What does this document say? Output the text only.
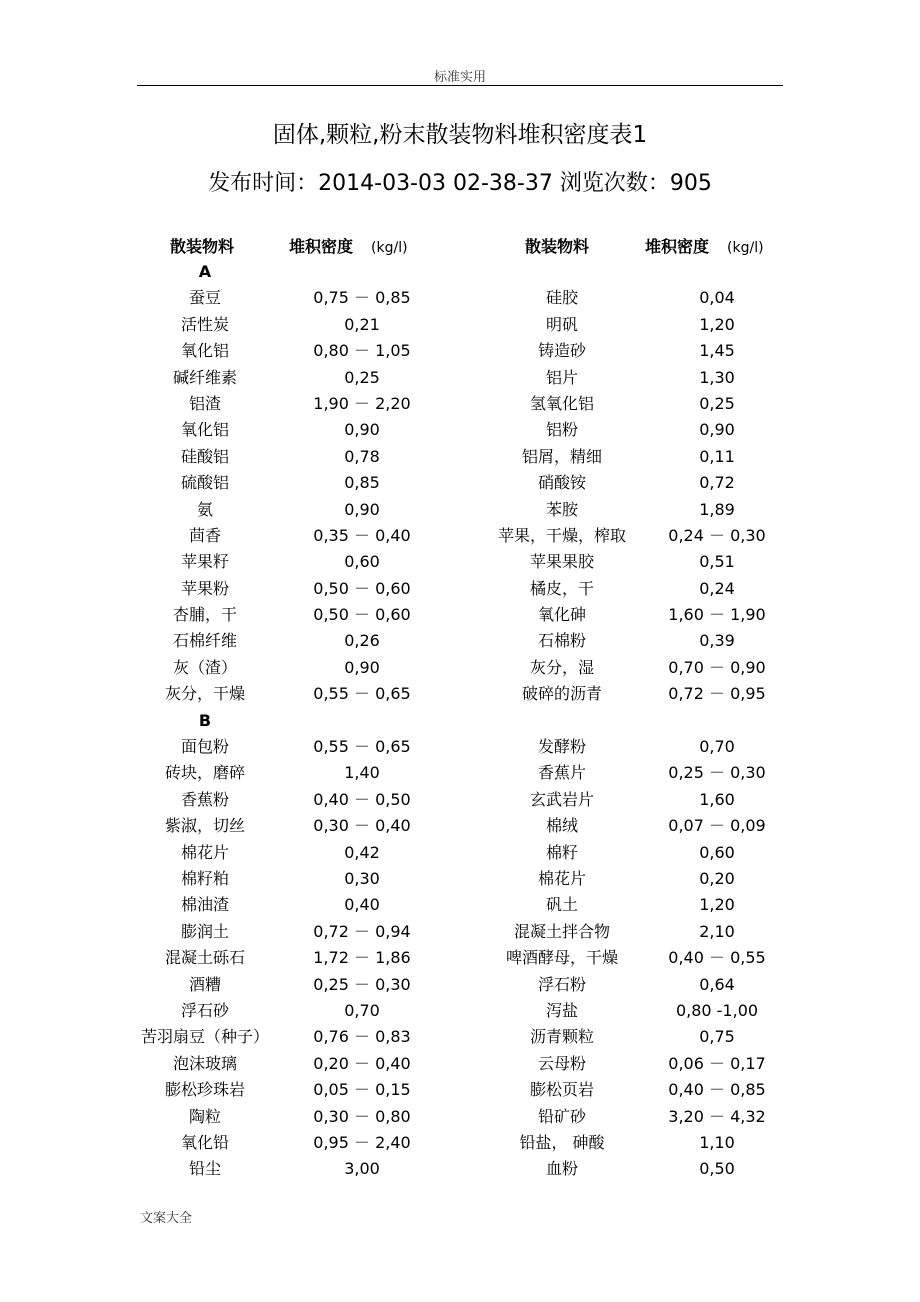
标准实用
固体,颗粒,粉末散装物料堆积密度表1
发布时间：2014-03-03 02-38-37 浏览次数：905
散装物料	堆积密度 (kg/l)	散装物料	堆积密度 (kg/l)
A
蚕豆	0,75 － 0,85	硅胶	0,04
活性炭	0,21	明矾	1,20
氧化铝	0,80 － 1,05	铸造砂	1,45
碱纤维素	0,25	铝片	1,30
铝渣	1,90 － 2,20	氢氧化铝	0,25
氧化铝	0,90	铝粉	0,90
硅酸铝	0,78	铝屑，精细	0,11
硫酸铝	0,85	硝酸铵	0,72
氨	0,90	苯胺	1,89
茴香	0,35 － 0,40	苹果，干燥，榨取	0,24 － 0,30
苹果籽	0,60	苹果果胶	0,51
苹果粉	0,50 － 0,60	橘皮，干	0,24
杏脯，干	0,50 － 0,60	氧化砷	1,60 － 1,90
石棉纤维	0,26	石棉粉	0,39
灰（渣）	0,90	灰分，湿	0,70 － 0,90
灰分，干燥	0,55 － 0,65	破碎的沥青	0,72 － 0,95
B
面包粉	0,55 － 0,65	发酵粉	0,70
砖块，磨碎	1,40	香蕉片	0,25 － 0,30
香蕉粉	0,40 － 0,50	玄武岩片	1,60
紫淑，切丝	0,30 － 0,40	棉绒	0,07 － 0,09
棉花片	0,42	棉籽	0,60
棉籽粕	0,30	棉花片	0,20
棉油渣	0,40	矾土	1,20
膨润土	0,72 － 0,94	混凝土拌合物	2,10
混凝土砾石	1,72 － 1,86	啤酒酵母，干燥	0,40 － 0,55
酒糟	0,25 － 0,30	浮石粉	0,64
浮石砂	0,70	泻盐	0,80 -1,00
苦羽扇豆（种子）	0,76 － 0,83	沥青颗粒	0,75
泡沫玻璃	0,20 － 0,40	云母粉	0,06 － 0,17
膨松珍珠岩	0,05 － 0,15	膨松页岩	0,40 － 0,85
陶粒	0,30 － 0,80	铅矿砂	3,20 － 4,32
氧化铅	0,95 － 2,40	铅盐， 砷酸	1,10
铅尘	3,00	血粉	0,50
文案大全
